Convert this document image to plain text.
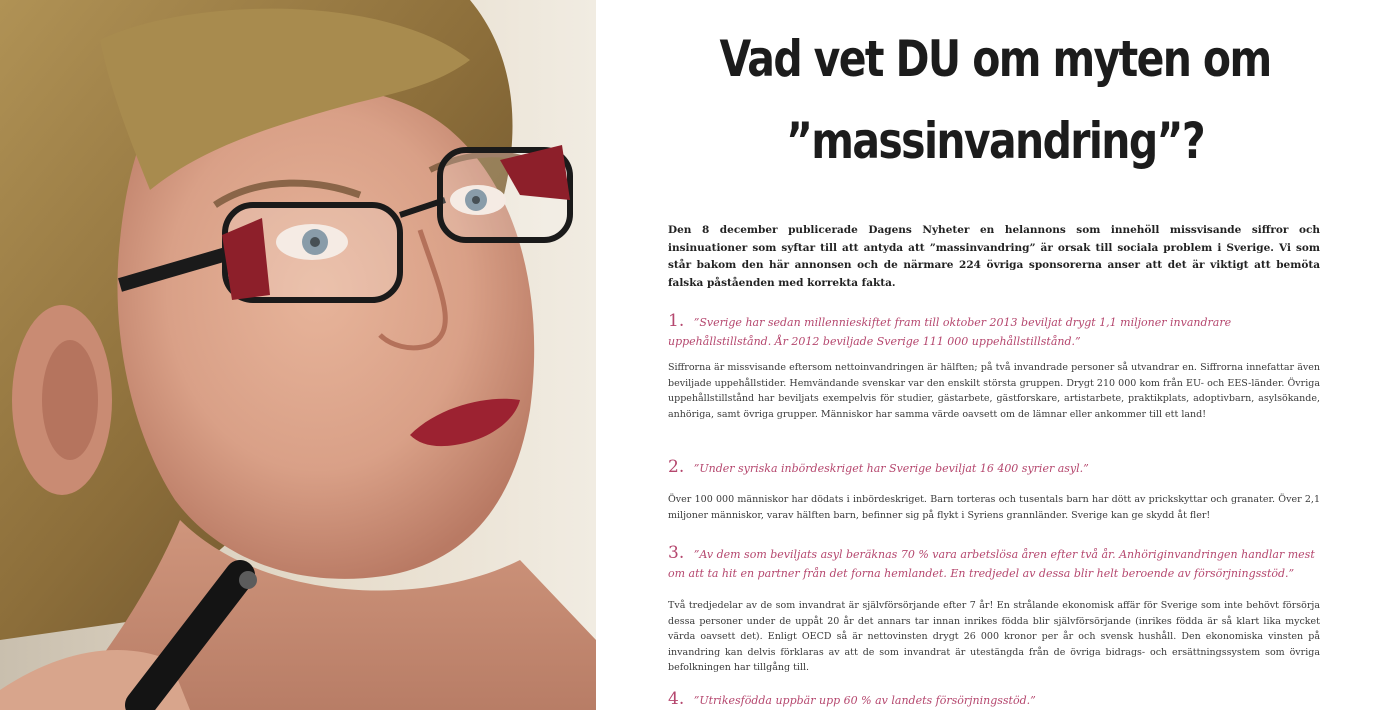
Vad vet DU om myten om
”massinvandring”?

Den 8 december publicerade Dagens Nyheter en helannons som innehöll missvisande siffror och insinuationer som syftar till att antyda att ”massinvandring” är orsak till sociala problem i Sverige. Vi som står bakom den här annonsen och de närmare 224 övriga sponsorerna anser att det är viktigt att bemöta falska påståenden med korrekta fakta.

1. ”Sverige har sedan millennieskiftet fram till oktober 2013 beviljat drygt 1,1 miljoner invandrare uppehållstillstånd. År 2012 beviljade Sverige 111 000 uppehållstillstånd.”

Siffrorna är missvisande eftersom nettoinvandringen är hälften; på två invandrade personer så utvandrar en. Siffrorna innefattar även beviljade uppehållstider. Hemvändande svenskar var den enskilt största gruppen. Drygt 210 000 kom från EU- och EES-länder. Övriga uppehållstillstånd har beviljats exempelvis för studier, gästarbete, gästforskare, artistarbete, praktikplats, adoptivbarn, asylsökande, anhöriga, samt övriga grupper. Människor har samma värde oavsett om de lämnar eller ankommer till ett land!

2. ”Under syriska inbördeskriget har Sverige beviljat 16 400 syrier asyl.”

Över 100 000 människor har dödats i inbördeskriget. Barn torteras och tusentals barn har dött av prickskyttar och granater. Över 2,1 miljoner människor, varav hälften barn, befinner sig på flykt i Syriens grannländer. Sverige kan ge skydd åt fler!

3. ”Av dem som beviljats asyl beräknas 70 % vara arbetslösa åren efter två år. Anhöriginvandringen handlar mest om att ta hit en partner från det forna hemlandet. En tredjedel av dessa blir helt beroende av försörjningsstöd.”

Två tredjedelar av de som invandrat är självförsörjande efter 7 år! En strålande ekonomisk affär för Sverige som inte behövt försörja dessa personer under de uppåt 20 år det annars tar innan inrikes födda blir självförsörjande (inrikes födda är så klart lika mycket värda oavsett det). Enligt OECD så är nettovinsten drygt 26 000 kronor per år och svensk hushåll. Den ekonomiska vinsten på invandring kan delvis förklaras av att de som invandrat är utestängda från de övriga bidrags- och ersättningssystem som övriga befolkningen har tillgång till.

4. ”Utrikesfödda uppbär upp 60 % av landets försörjningsstöd.”
